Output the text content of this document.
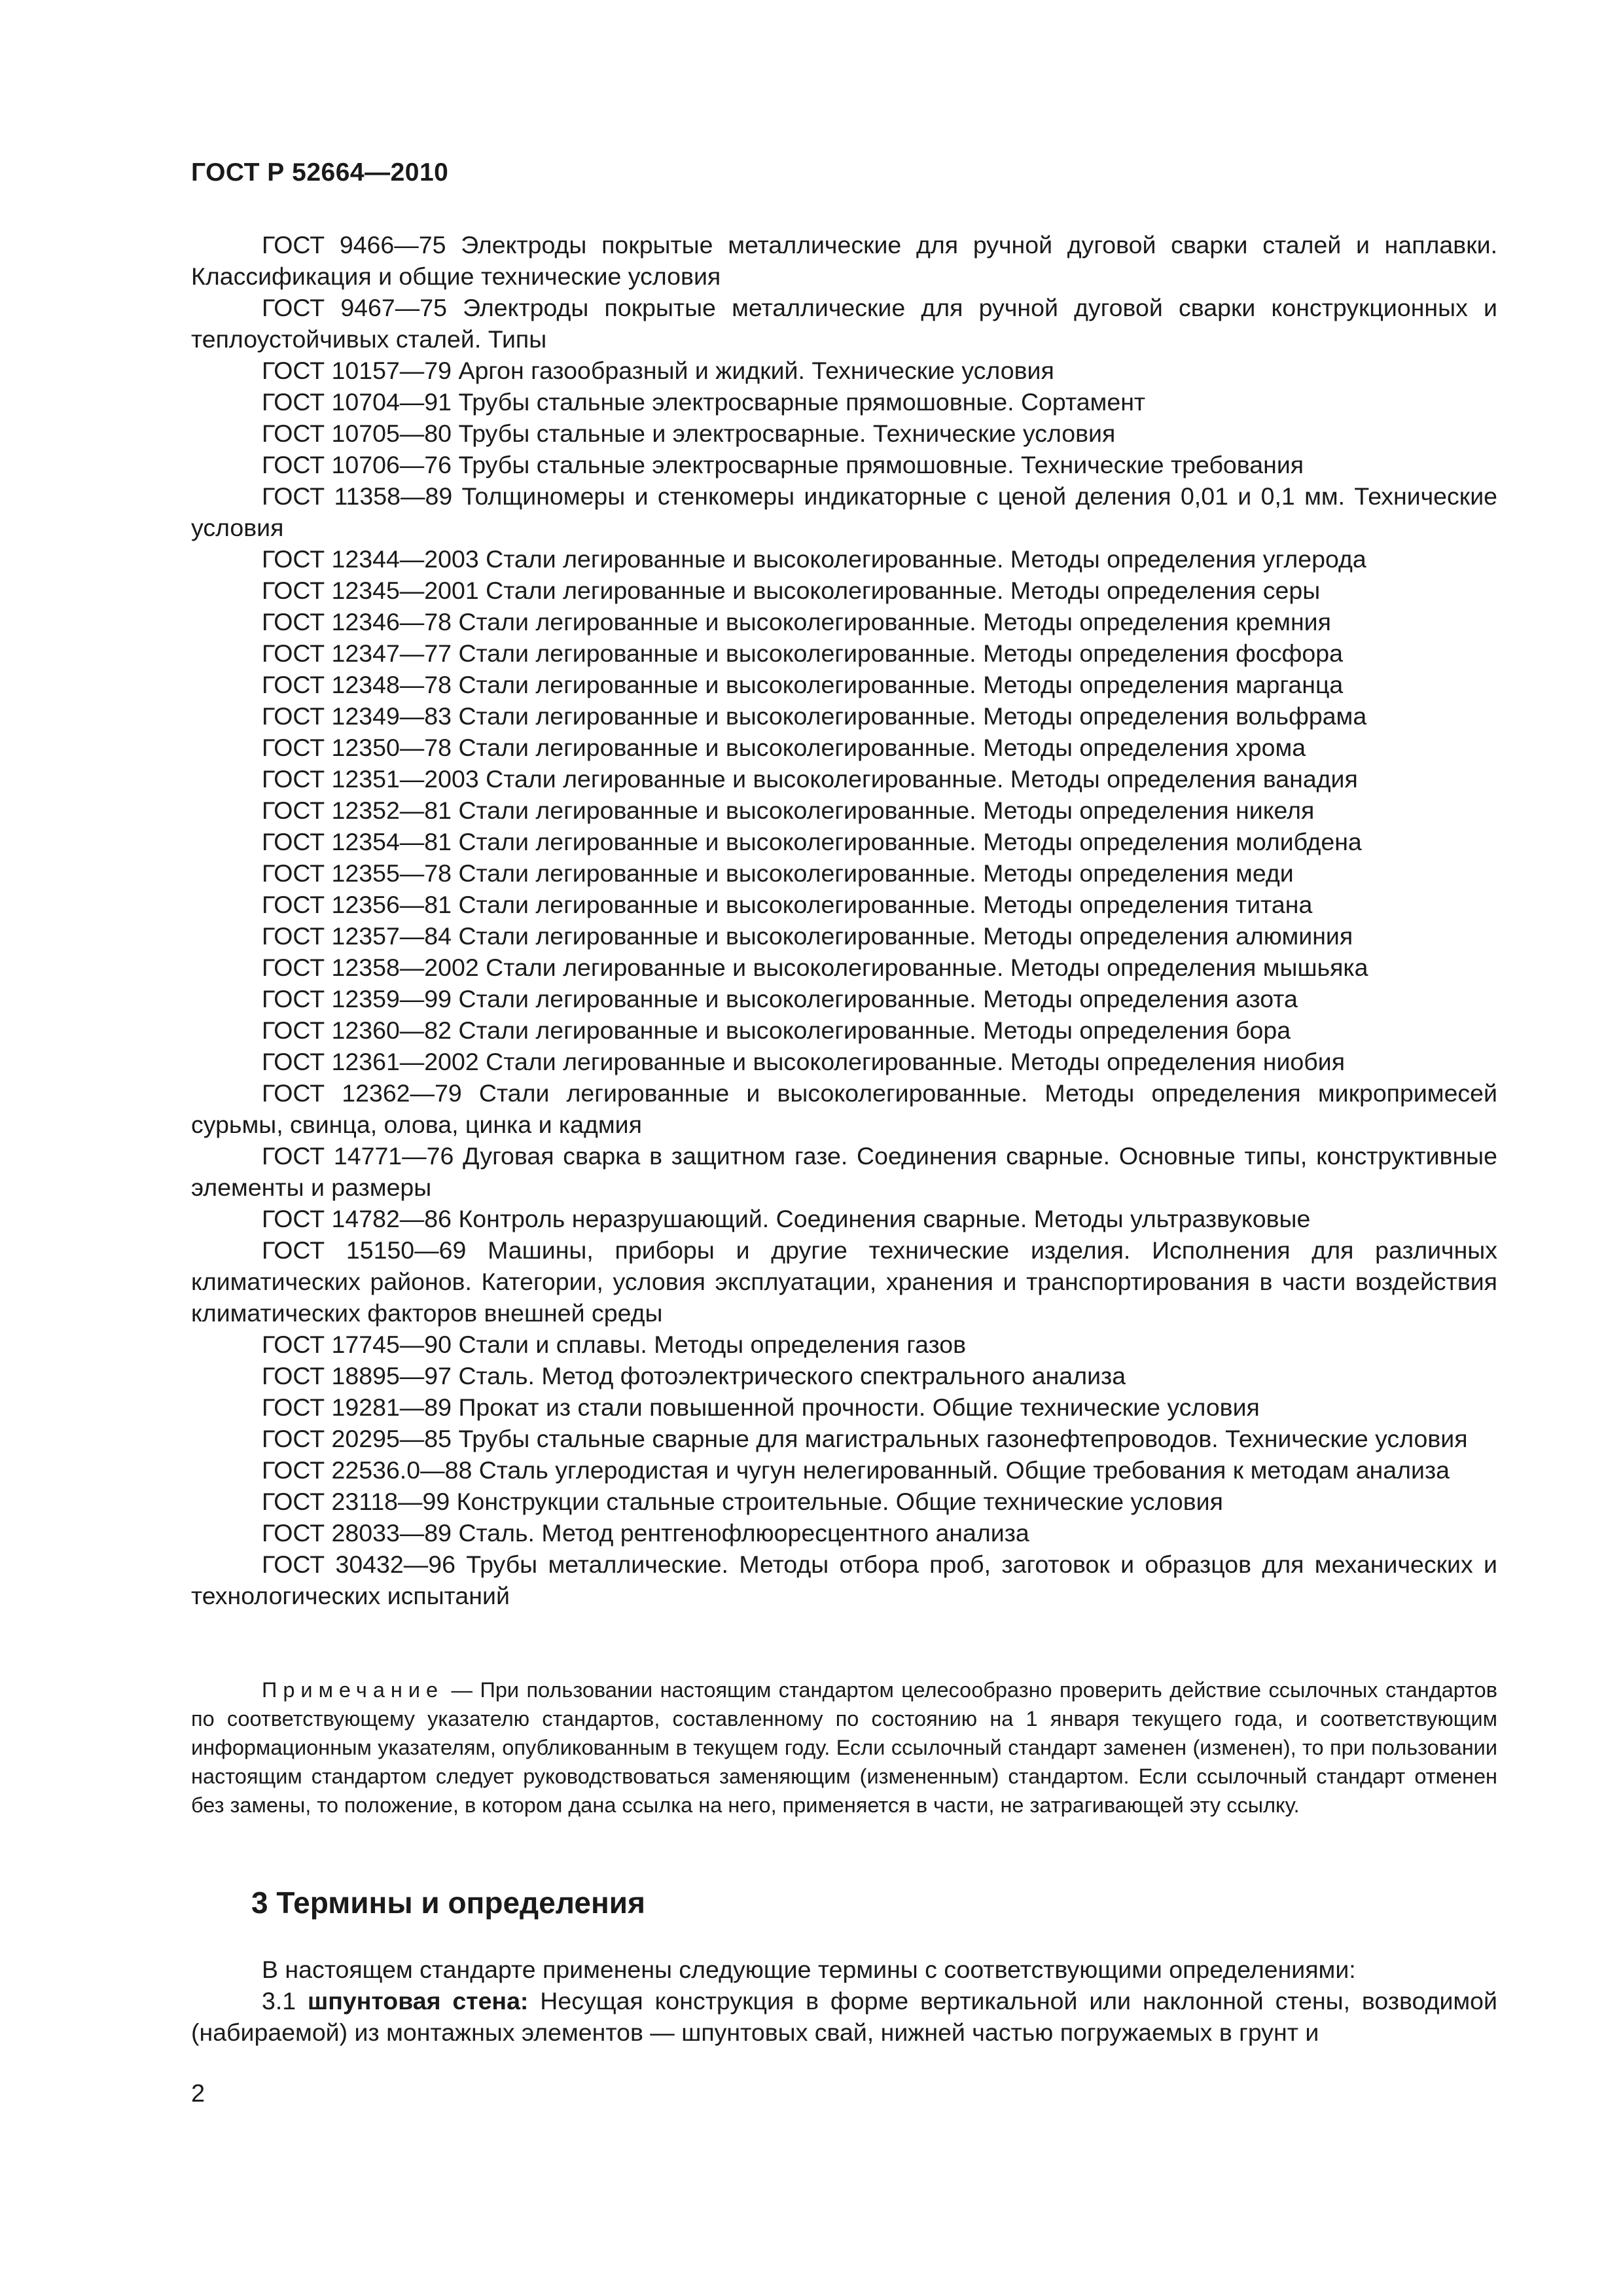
ГОСТ Р 52664—2010

ГОСТ 9466—75 Электроды покрытые металлические для ручной дуговой сварки сталей и наплавки. Классификация и общие технические условия

ГОСТ 9467—75 Электроды покрытые металлические для ручной дуговой сварки конструкционных и теплоустойчивых сталей. Типы

ГОСТ 10157—79 Аргон газообразный и жидкий. Технические условия

ГОСТ 10704—91 Трубы стальные электросварные прямошовные. Сортамент

ГОСТ 10705—80 Трубы стальные и электросварные. Технические условия

ГОСТ 10706—76 Трубы стальные электросварные прямошовные. Технические требования

ГОСТ 11358—89 Толщиномеры и стенкомеры индикаторные с ценой деления 0,01 и 0,1 мм. Технические условия

ГОСТ 12344—2003 Стали легированные и высоколегированные. Методы определения углерода

ГОСТ 12345—2001 Стали легированные и высоколегированные. Методы определения серы

ГОСТ 12346—78 Стали легированные и высоколегированные. Методы определения кремния

ГОСТ 12347—77 Стали легированные и высоколегированные. Методы определения фосфора

ГОСТ 12348—78 Стали легированные и высоколегированные. Методы определения марганца

ГОСТ 12349—83 Стали легированные и высоколегированные. Методы определения вольфрама

ГОСТ 12350—78 Стали легированные и высоколегированные. Методы определения хрома

ГОСТ 12351—2003 Стали легированные и высоколегированные. Методы определения ванадия

ГОСТ 12352—81 Стали легированные и высоколегированные. Методы определения никеля

ГОСТ 12354—81 Стали легированные и высоколегированные. Методы определения молибдена

ГОСТ 12355—78 Стали легированные и высоколегированные. Методы определения меди

ГОСТ 12356—81 Стали легированные и высоколегированные. Методы определения титана

ГОСТ 12357—84 Стали легированные и высоколегированные. Методы определения алюминия

ГОСТ 12358—2002 Стали легированные и высоколегированные. Методы определения мышьяка

ГОСТ 12359—99 Стали легированные и высоколегированные. Методы определения азота

ГОСТ 12360—82 Стали легированные и высоколегированные. Методы определения бора

ГОСТ 12361—2002 Стали легированные и высоколегированные. Методы определения ниобия

ГОСТ 12362—79 Стали легированные и высоколегированные. Методы определения микропримесей сурьмы, свинца, олова, цинка и кадмия

ГОСТ 14771—76 Дуговая сварка в защитном газе. Соединения сварные. Основные типы, конструктивные элементы и размеры

ГОСТ 14782—86 Контроль неразрушающий. Соединения сварные. Методы ультразвуковые

ГОСТ 15150—69 Машины, приборы и другие технические изделия. Исполнения для различных климатических районов. Категории, условия эксплуатации, хранения и транспортирования в части воздействия климатических факторов внешней среды

ГОСТ 17745—90 Стали и сплавы. Методы определения газов

ГОСТ 18895—97 Сталь. Метод фотоэлектрического спектрального анализа

ГОСТ 19281—89 Прокат из стали повышенной прочности. Общие технические условия

ГОСТ 20295—85 Трубы стальные сварные для магистральных газонефтепроводов. Технические условия

ГОСТ 22536.0—88 Сталь углеродистая и чугун нелегированный. Общие требования к методам анализа

ГОСТ 23118—99 Конструкции стальные строительные. Общие технические условия

ГОСТ 28033—89 Сталь. Метод рентгенофлюоресцентного анализа

ГОСТ 30432—96 Трубы металлические. Методы отбора проб, заготовок и образцов для механических и технологических испытаний

Примечание — При пользовании настоящим стандартом целесообразно проверить действие ссылочных стандартов по соответствующему указателю стандартов, составленному по состоянию на 1 января текущего года, и соответствующим информационным указателям, опубликованным в текущем году. Если ссылочный стандарт заменен (изменен), то при пользовании настоящим стандартом следует руководствоваться заменяющим (измененным) стандартом. Если ссылочный стандарт отменен без замены, то положение, в котором дана ссылка на него, применяется в части, не затрагивающей эту ссылку.
3 Термины и определения

В настоящем стандарте применены следующие термины с соответствующими определениями:

3.1 шпунтовая стена: Несущая конструкция в форме вертикальной или наклонной стены, возводимой (набираемой) из монтажных элементов — шпунтовых свай, нижней частью погружаемых в грунт и

2
